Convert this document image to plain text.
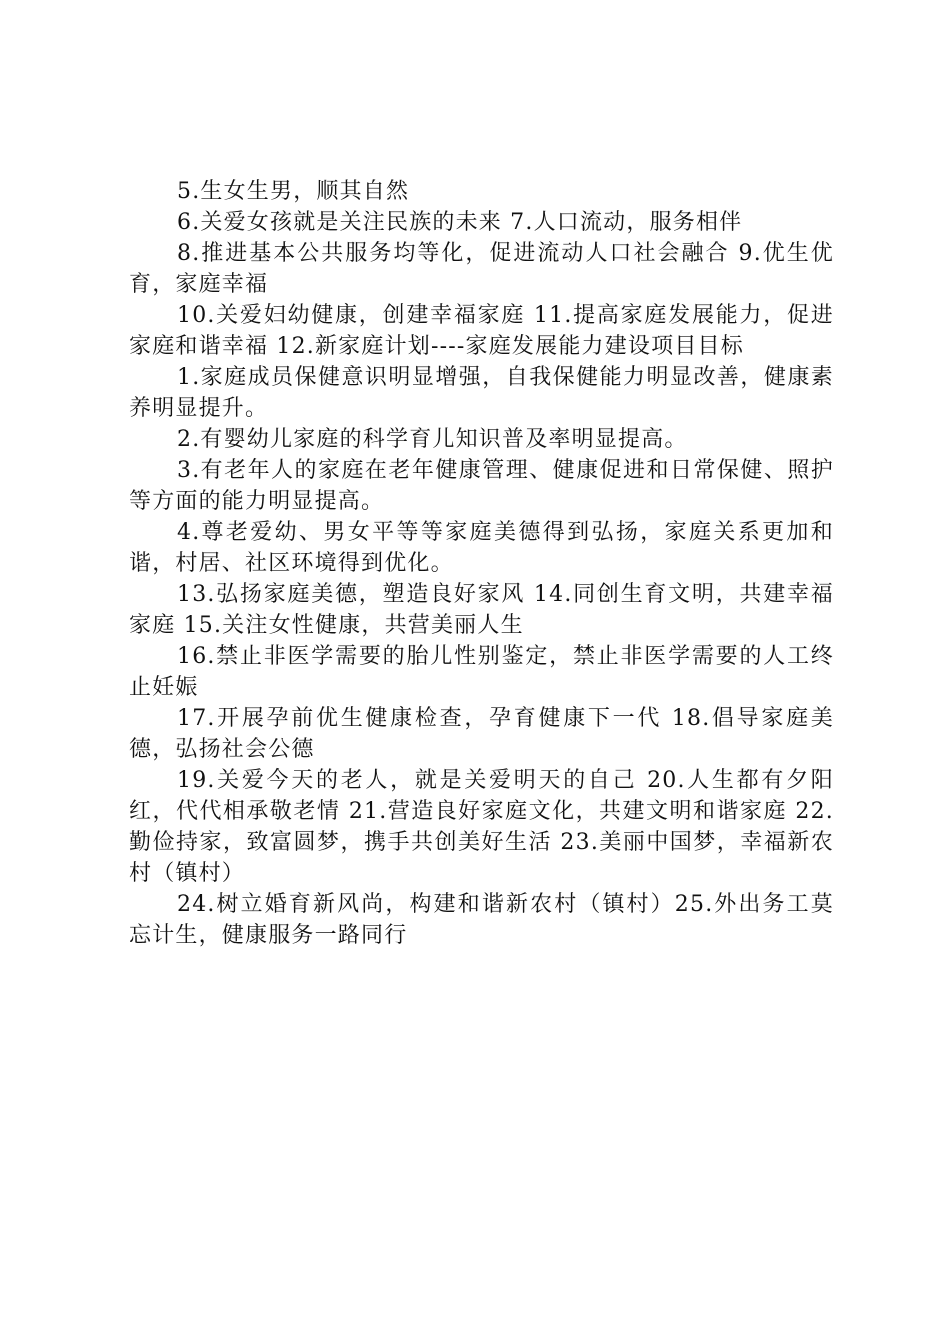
5.生女生男，顺其自然

6.关爱女孩就是关注民族的未来 7.人口流动，服务相伴

8.推进基本公共服务均等化，促进流动人口社会融合 9.优生优育，家庭幸福

10.关爱妇幼健康，创建幸福家庭 11.提高家庭发展能力，促进家庭和谐幸福 12.新家庭计划----家庭发展能力建设项目目标

1.家庭成员保健意识明显增强，自我保健能力明显改善，健康素养明显提升。

2.有婴幼儿家庭的科学育儿知识普及率明显提高。

3.有老年人的家庭在老年健康管理、健康促进和日常保健、照护等方面的能力明显提高。

4.尊老爱幼、男女平等等家庭美德得到弘扬，家庭关系更加和谐，村居、社区环境得到优化。

13.弘扬家庭美德，塑造良好家风 14.同创生育文明，共建幸福家庭 15.关注女性健康，共营美丽人生

16.禁止非医学需要的胎儿性别鉴定，禁止非医学需要的人工终止妊娠

17.开展孕前优生健康检查，孕育健康下一代 18.倡导家庭美德，弘扬社会公德

19.关爱今天的老人，就是关爱明天的自己 20.人生都有夕阳红，代代相承敬老情 21.营造良好家庭文化，共建文明和谐家庭 22.勤俭持家，致富圆梦，携手共创美好生活 23.美丽中国梦，幸福新农村（镇村）

24.树立婚育新风尚，构建和谐新农村（镇村）25.外出务工莫忘计生，健康服务一路同行
